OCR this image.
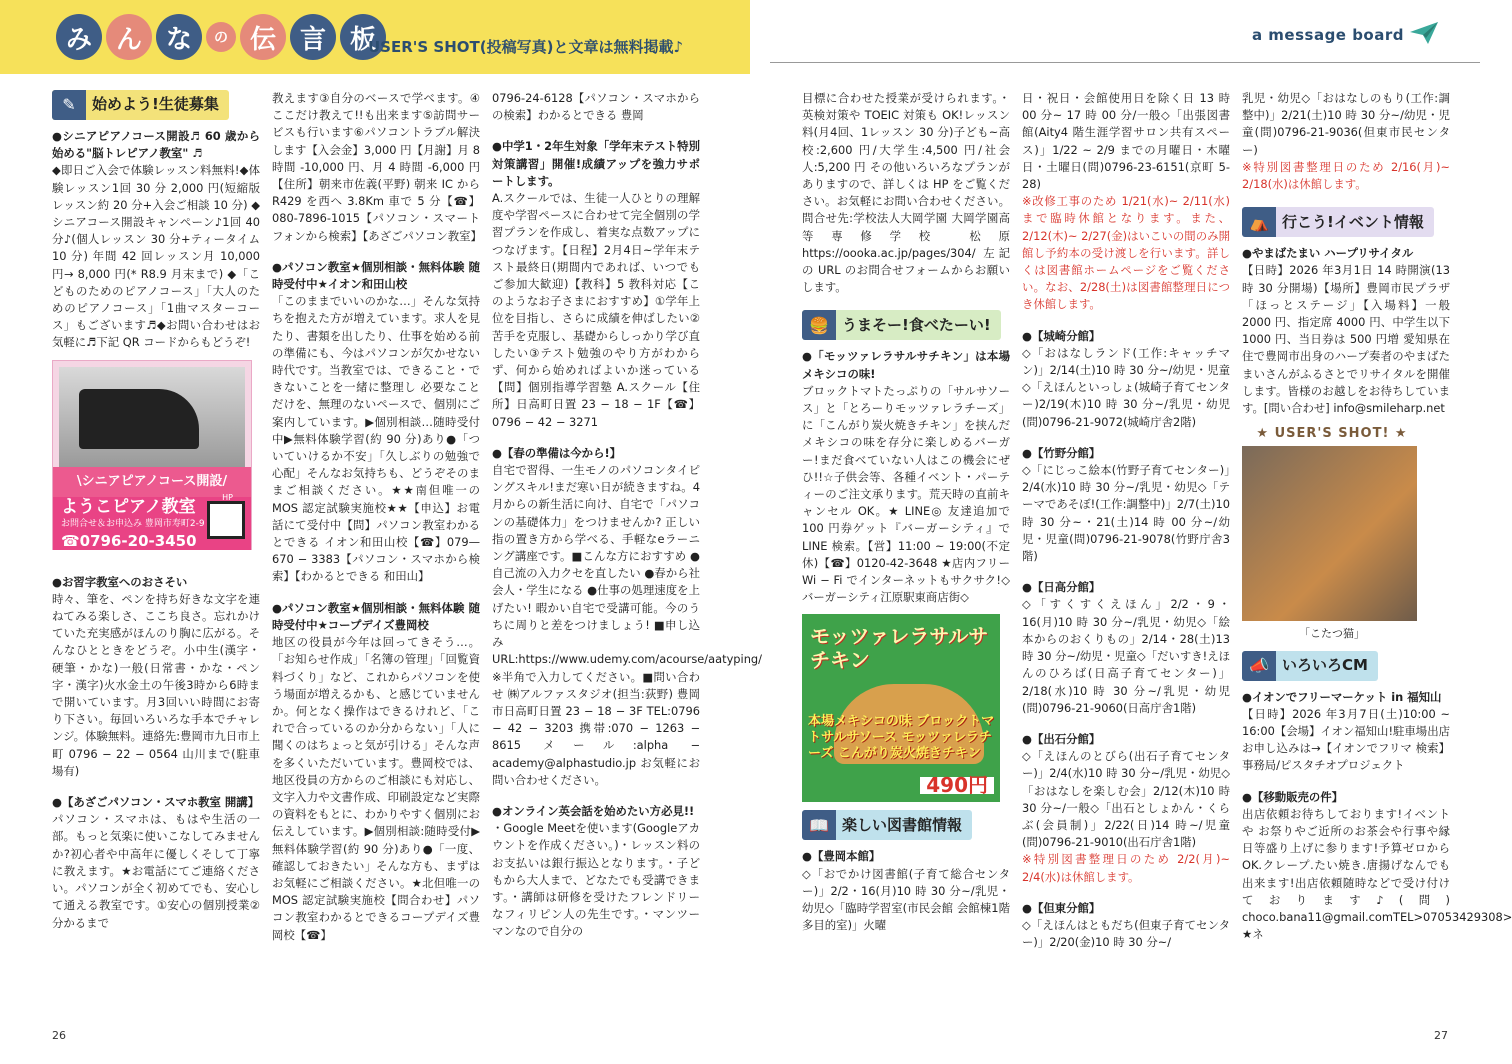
み ん な	の 伝 言 板
USER'S SHOT(投稿写真)と文章は無料掲載♪
✎	始めよう!生徒募集

●シニアピアノコース開設♬ 60 歳から始める"脳トレピアノ教室" ♬

◆即日ご入会で体験レッスン料無料!◆体験レッスン1回 30 分 2,000 円(短縮版レッスン約 20 分+入会ご相談 10 分) ◆シニアコース開設キャンペーン♪1回 40 分♪(個人レッスン 30 分+ティータイム 10 分) 年間 42 回レッスン月 10,000 円→ 8,000 円(* R8.9 月末まで) ◆「こどものためのピアノコース」「大人のためのピアノコース」「1曲マスターコース」もございます♬◆お問い合わせはお気軽に♬下記 QR コードからもどうぞ!

\シニアピアノコース開設/
ようこピアノ教室
お問合せ＆お申込み 豊岡市寿町2-9
☎0796-20-3450
HP

●お習字教室へのおさそい

時々、筆を、ペンを持ち好きな文字を連ねてみる楽しさ、ここち良さ。忘れかけていた充実感がほんのり胸に広がる。そんなひとときをどうぞ。小中生(漢字・硬筆・かな)一般(日常書・かな・ペン字・漢字)火水金土の午後3時から6時まで開いています。月3回いい時間にお寄り下さい。毎回いろいろな手本でチャレンジ。体験無料。連絡先:豊岡市九日市上町 0796 − 22 − 0564 山川まで(駐車場有)

●【あざごパソコン・スマホ教室 開講】

パソコン・スマホは、もはや生活の一部。もっと気楽に使いこなしてみませんか?初心者や中高年に優しくそして丁寧に教えます。★お電話にてご連絡ください。パソコンが全く初めてでも、安心して通える教室です。①安心の個別授業②分かるまで

教えます③自分のベースで学べます。④ここだけ教えて!!も出来ます⑤訪問サービスも行います⑥パソコントラブル解決します【入会金】3,000 円【月謝】月 8 時間 -10,000 円、月 4 時間 -6,000 円【住所】朝来市佐義(平野) 朝来 IC から R429 を西へ 3.8Km 車で 5 分【☎】080-7896-1015【パソコン・スマートフォンから検索】【あざごパソコン教室】

●パソコン教室★個別相談・無料体験 随時受付中★イオン和田山校

「このままでいいのかな…」そんな気持ちを抱えた方が増えています。求人を見たり、書類を出したり、仕事を始める前の準備にも、今はパソコンが欠かせない時代です。当教室では、できること・できないことを一緒に整理し 必要なことだけを、無理のないペースで、個別にご案内しています。▶個別相談…随時受付中▶無料体験学習(約 90 分)あり●「ついていけるか不安」「久しぶりの勉強で心配」そんなお気持ちも、どうぞそのままご相談ください。★★南但唯一の MOS 認定試験実施校★★【申込】お電話にて受付中【問】パソコン教室わかるとできる イオン和田山校【☎】079—670 − 3383【パソコン・スマホから検索】【わかるとできる 和田山】

●パソコン教室★個別相談・無料体験 随時受付中★コープデイズ豊岡校

地区の役員が今年は回ってきそう…。「お知らせ作成」「名簿の管理」「回覧資料づくり」など、これからパソコンを使う場面が増えるかも、と感じていませんか。何となく操作はできるけれど、「これで合っているのか分からない」「人に聞くのはちょっと気が引ける」そんな声を多くいただいています。豊岡校では、地区役員の方からのご相談にも対応し、文字入力や文書作成、印刷設定など実際の資料をもとに、わかりやすく個別にお伝えしています。▶個別相談:随時受付▶無料体験学習(約 90 分)あり●「一度、確認しておきたい」そんな方も、まずはお気軽にご相談ください。★北但唯一の MOS 認定試験実施校【問合わせ】パソコン教室わかるとできるコープデイズ豊岡校【☎】

0796-24-6128【パソコン・スマホからの検索】わかるとできる 豊岡

●中学1・2年生対象「学年末テスト特別対策講習」開催!成績アップを強力サポートします。

A.スクールでは、生徒一人ひとりの理解度や学習ペースに合わせて完全個別の学習プランを作成し、着実な点数アップにつなげます。【日程】2月4日~学年末テスト最終日(期間内であれば、いつでもご参加大歓迎)【教科】5 教科対応【このようなお子さまにおすすめ】①学年上位を目指し、さらに成績を伸ばしたい②苦手を克服し、基礎からしっかり学び直したい③テスト勉強のやり方がわからず、何から始めればよいか迷っている【問】個別指導学習塾 A.スクール【住所】日高町日置 23 − 18 − 1F【☎】0796 − 42 − 3271

●【春の準備は今から!】

自宅で習得、一生モノのパソコンタイピングスキル!まだ寒い日が続きますね。4月からの新生活に向け、自宅で「パソコンの基礎体力」をつけませんか? 正しい指の置き方から学べる、手軽なeラーニング講座です。■こんな方におすすめ ●自己流の入力クセを直したい ●春から社会人・学生になる ●仕事の処理速度を上げたい! 暇かい自宅で受講可能。今のうちに周りと差をつけましょう! ■申し込み URL:https://www.udemy.com/acourse/aatyping/ ※半角で入力してください。■問い合わせ ㈱アルファスタジオ(担当:荻野) 豊岡市日高町日置 23 − 18 − 3F TEL:0796 − 42 − 3203 携帯:070 − 1263 − 8615 メール:alpha − academy@alphastudio.jp お気軽にお問い合わせください。

●オンライン英会話を始めたい方必見!!

・Google Meetを使います(Googleアカウントを作成ください。)・レッスン料のお支払いは銀行振込となります。・子どもから大人まで、どなたでも受講できます。・講師は研修を受けたフレンドリーなフィリピン人の先生です。・マンツーマンなので自分の

26
a message board

目標に合わせた授業が受けられます。・英検対策や TOEIC 対策も OK!レッスン料(月4回、1レッスン 30 分)子ども~高校:2,600 円/大学生:4,500 円/社会人:5,200 円 その他いろいろなプランがありますので、詳しくは HP をご覧ください。お気軽にお問い合わせください。問合せ先:学校法人大岡学園 大岡学園高等専修学校 松原 https://oooka.ac.jp/pages/304/ 左記の URL のお問合せフォームからお願いします。

🍔 うまそー!食べたーい!

●「モッツァレラサルサチキン」は本場メキシコの味!

ブロックトマトたっぷりの「サルサソース」と「とろーりモッツァレラチーズ」に「こんがり炭火焼きチキン」を挟んだメキシコの味を存分に楽しめるバーガー!まだ食べていない人はこの機会にぜひ!!☆子供会等、各種イベント・パーティーのご注文承ります。荒天時の直前キャンセル OK。★ LINE◎ 友達追加で 100 円券ゲット『バーガーシティ』で LINE 検索。【営】11:00 ~ 19:00(不定休)【☎】0120-42-3648 ★店内フリー Wi − Fi でインターネットもサクサク!◇バーガーシティ江原駅東商店街◇

モッツァレラサルサチキン
本場メキシコの味 ブロックトマトサルサソース モッツァレラチーズ こんがり炭火焼きチキン
490円
📖 楽しい図書館情報

●【豊岡本館】

◇「おでかけ図書館(子育て総合センター)」2/2・16(月)10 時 30 分~/乳児・幼児◇「臨時学習室(市民会館 会館棟1階多目的室)」火曜

日・祝日・会館使用日を除く日 13 時 00 分~ 17 時 00 分/一般◇「出張図書館(Aity4 階生涯学習サロン共有スペース)」1/22 ~ 2/9 までの月曜日・木曜日・土曜日(問)0796-23-6151(京町 5-28)

※改修工事のため 1/21(水)~ 2/11(水)まで臨時休館となります。また、2/12(木)~ 2/27(金)はいこいの間のみ開館し予約本の受け渡しを行います。詳しくは図書館ホームページをご覧ください。なお、2/28(土)は図書館整理日につき休館します。

●【城崎分館】

◇「おはなしランド(工作:キャッチマン)」2/14(土)10 時 30 分~/幼児・児童 ◇「えほんといっしょ(城崎子育てセンター)2/19(木)10 時 30 分~/乳児・幼児(問)0796-21-9072(城崎庁舎2階)

●【竹野分館】

◇「にじっこ絵本(竹野子育てセンター)」2/4(水)10 時 30 分~/乳児・幼児◇「テーマであそぼ!(工作:調整中)」2/7(土)10 時 30 分~・21(土)14 時 00 分~/幼児・児童(問)0796-21-9078(竹野庁舎3階)

●【日高分館】

◇「すくすくえほん」2/2・9・16(月)10 時 30 分~/乳児・幼児◇「絵本からのおくりもの」2/14・28(土)13 時 30 分~/幼児・児童◇「だいすき!えほんのひろば(日高子育てセンター)」2/18(水)10 時 30 分~/乳児・幼児(問)0796-21-9060(日高庁舎1階)

●【出石分館】

◇「えほんのとびら(出石子育てセンター)」2/4(水)10 時 30 分~/乳児・幼児◇「おはなしを楽しむ会」2/12(木)10 時 30 分~/一般◇「出石としょかん・くらぶ(会員制)」2/22(日)14 時~/児童(問)0796-21-9010(出石庁舎1階)

※特別図書整理日のため 2/2(月)~ 2/4(水)は休館します。

●【但東分館】

◇「えほんはともだち(但東子育てセンター)」2/20(金)10 時 30 分~/

乳児・幼児◇「おはなしのもり(工作:調整中)」2/21(土)10 時 30 分~/幼児・児童(問)0796-21-9036(但東市民センター)

※特別図書整理日のため 2/16(月)~ 2/18(水)は休館します。

⛺ 行こう!イベント情報

●やまばたまい ハープリサイタル

【日時】2026 年3月1日 14 時開演(13 時 30 分開場)【場所】豊岡市民プラザ「ほっとステージ」【入場料】一般 2000 円、指定席 4000 円、中学生以下 1000 円、当日券は 500 円増 愛知県在住で豊岡市出身のハープ奏者のやまばたまいさんがふるさとでリサイタルを開催します。皆様のお越しをお待ちしています。[問い合わせ] info@smileharp.net

★ USER'S SHOT! ★
「こたつ猫」
📣 いろいろCM

●イオンでフリーマーケット in 福知山

【日時】2026 年3月7日(土)10:00 ~ 16:00【会場】イオン福知山!駐車場出店お申し込みは→【イオンでフリマ 検索】事務局/ピスタチオプロジェクト

●【移動販売の件】

出店依頼お待ちしております!イベントや お祭りやご近所のお茶会や行事や縁日等盛り上げに参ります!予算ゼロから OK.クレープ.たい焼き.唐揚げなんでも出来ます!出店依頼随時などで受け付けております♪(問) choco.bana11@gmail.comTEL>07053429308> ★ネ

27
